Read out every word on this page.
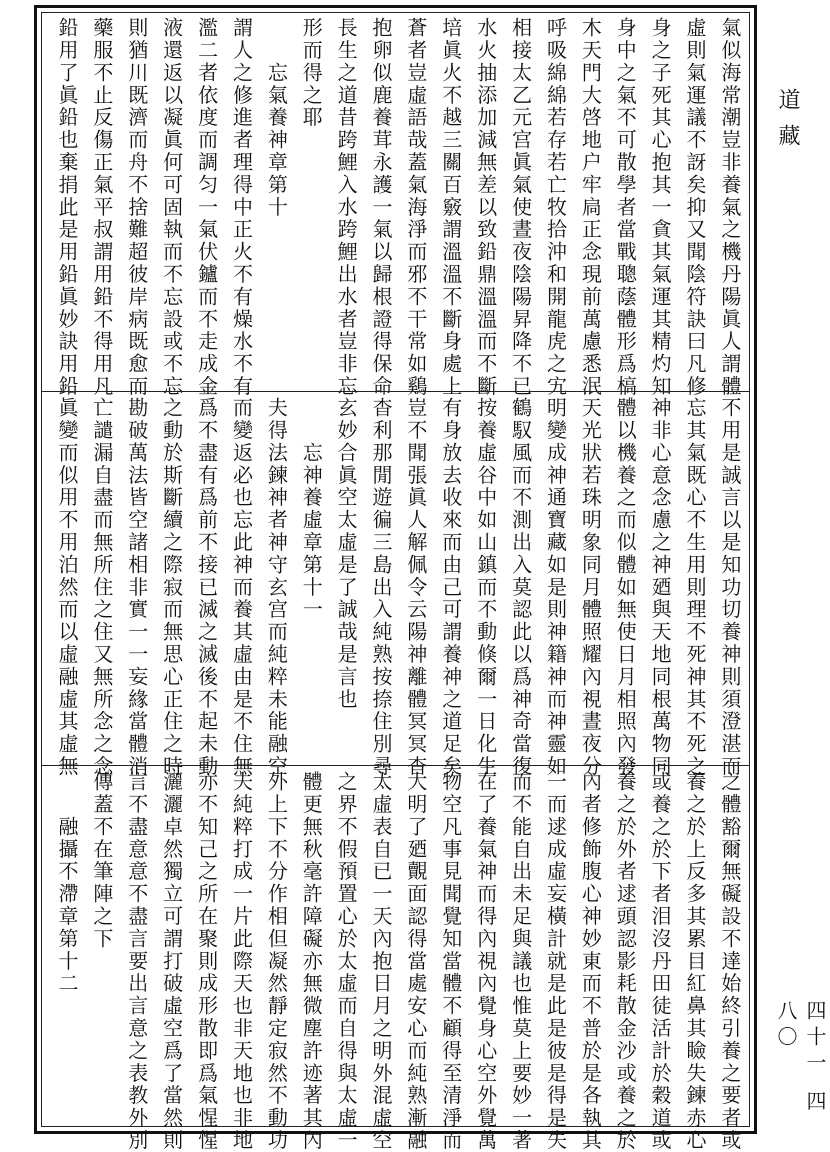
氣似海常潮豈非養氣之機丹陽眞人謂體
虛則氣運議不訝矣抑又聞陰符訣曰凡修
身之子死其心抱其一貪其氣運其精灼知
身中之氣不可散學者當戰聰蔭體形爲槁
木天門大啓地户牢扃正念現前萬慮悉泯
呼吸綿綿若存若亡牧拾沖和開龍虎之宄
相接太乙元宫眞氣使晝夜陰陽昇降不已
水火抽添加減無差以致鉛鼎溫溫而不斷
培眞火不越三關百竅謂溫溫不斷身處上
蒼者豈虛語哉蓋氣海淨而邪不干常如鷄
抱卵似鹿養茸永護一氣以歸根證得保命
長生之道昔跨鯉入水跨鯉出水者豈非忘
形而得之耶
　　忘氣養神章第十
謂人之修進者理得中正火不有燥水不有
濫二者依度而調匀一氣伏鑪而不走成金
液還返以凝眞何可固執而不忘設或不忘
則猶川既濟而舟不捨難超彼岸病既愈而
藥服不止反傷正氣平叔謂用鉛不得用凡
鉛用了眞鉛也棄捐此是用鉛眞妙訣用鉛
不用是誠言以是知功切養神則須澄湛而
忘其氣既心不生用則理不死神其不死之
神非心意念慮之神廼與天地同根萬物同
體以機養之而似體如無使日月相照內發
天光狀若珠明象同月體照耀內視晝夜分
明變成神通寶藏如是則神籍神而神靈如
鶴馭風而不測出入莫認此以爲神奇當復
按養虛谷中如山鎮而不動倏爾一日化生
有身放去收來而由己可謂養神之道足矣
豈不聞張眞人解佩令云陽神離體冥冥杳
杳利那閒遊徧三島出入純熟按捺住別尋
玄妙合眞空太虛是了誠哉是言也
　　忘神養虛章第十一
夫得法鍊神者神守玄宫而純粹未能融空
而變返必也忘此神而養其虛由是不住無
爲不盡有爲前不接已滅之滅後不起未動
之動於斯斷續之際寂而無思心正住之時
勘破萬法皆空諸相非實一一妄緣當體消
亡譴漏自盡而無所住之住又無所念之念
眞變而似用不用泊然而以虛融虛其虛無
之體豁爾無礙設不達始終引養之要者或
養之於上反多其累目紅鼻其瞼失鍊赤心
或養之於下者泪沒丹田徒活計於穀道或
養之於外者逑頭認影耗散金沙或養之於
內者修飾腹心神妙東而不普於是各執其
一而逑成虛妄橫計就是此是彼是得是失
而不能自出未足與議也惟莫上要妙一著
在了養氣神而得內視內覺身心空外覺萬
物空凡事見聞覺知當體不顧得至清淨而
大明了廼覿面認得當處安心而純熟漸融
太虛表自已一天內抱日月之明外混虛空
之界不假預置心於太虛而自得與太虛一
體更無秋毫許障礙亦無微塵許迹著其內
外上下不分作相但凝然靜定寂然不動功
夫純粹打成一片此際天也非天地也非地
亦不知己之所在聚則成形散即爲氣惺惺
灑灑卓然獨立可謂打破虛空爲了當然則
言不盡意意不盡言要出言意之表教外別
傳蓋不在筆陣之下
　　融攝不滯章第十二
道藏
四十一 四八〇
